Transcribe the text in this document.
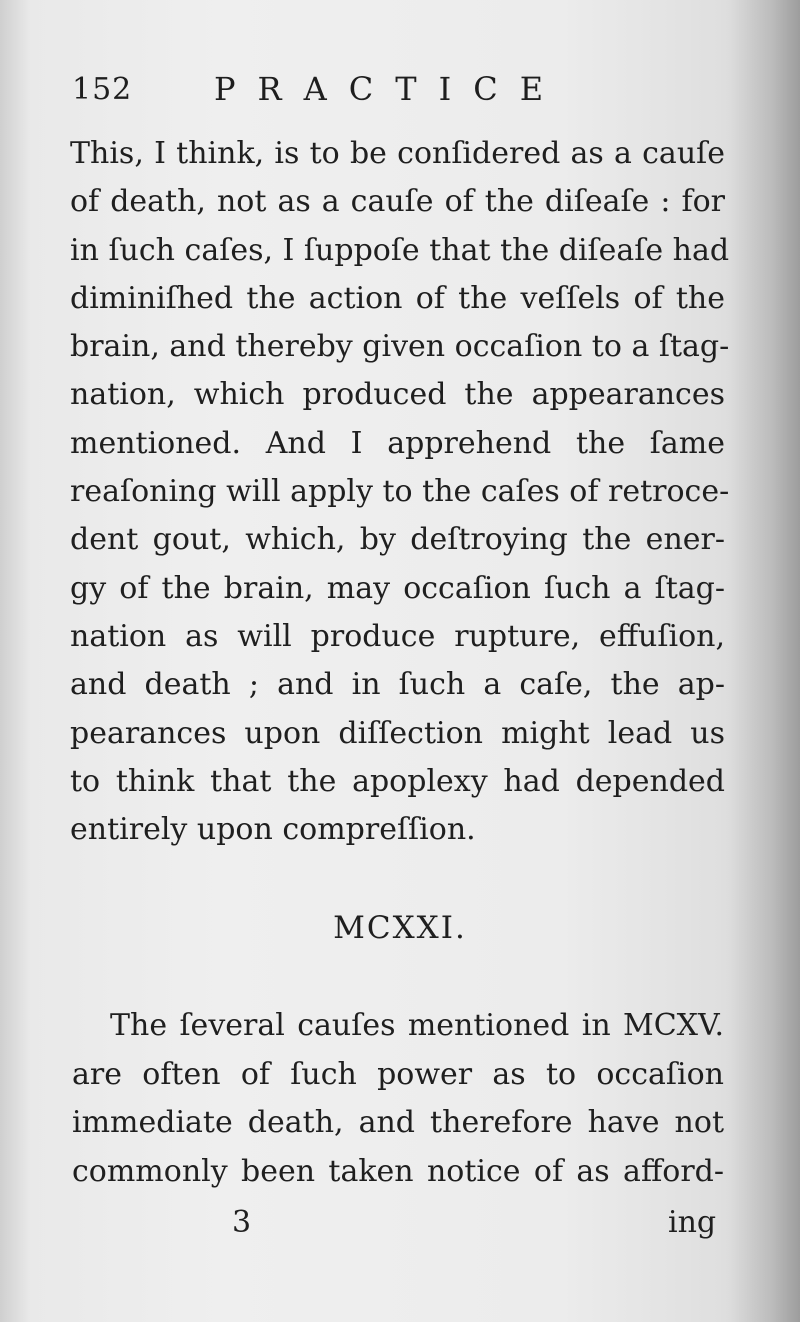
152	PRACTICE
This, I think, is to be conſidered as a cauſe
of death, not as a cauſe of the diſeaſe : for
in ſuch caſes, I ſuppoſe that the diſeaſe had
diminiſhed the action of the veſſels of the
brain, and thereby given occaſion to a ſtag-
nation, which produced the appearances
mentioned. And I apprehend the ſame
reaſoning will apply to the caſes of retroce-
dent gout, which, by deſtroying the ener-
gy of the brain, may occaſion ſuch a ſtag-
nation as will produce rupture, effuſion,
and death ; and in ſuch a caſe, the ap-
pearances upon diſſection might lead us
to think that the apoplexy had depended
entirely upon compreſſion.
MCXXI.
The ſeveral cauſes mentioned in MCXV.
are often of ſuch power as to occaſion
immediate death, and therefore have not
commonly been taken notice of as afford-
3	ing
